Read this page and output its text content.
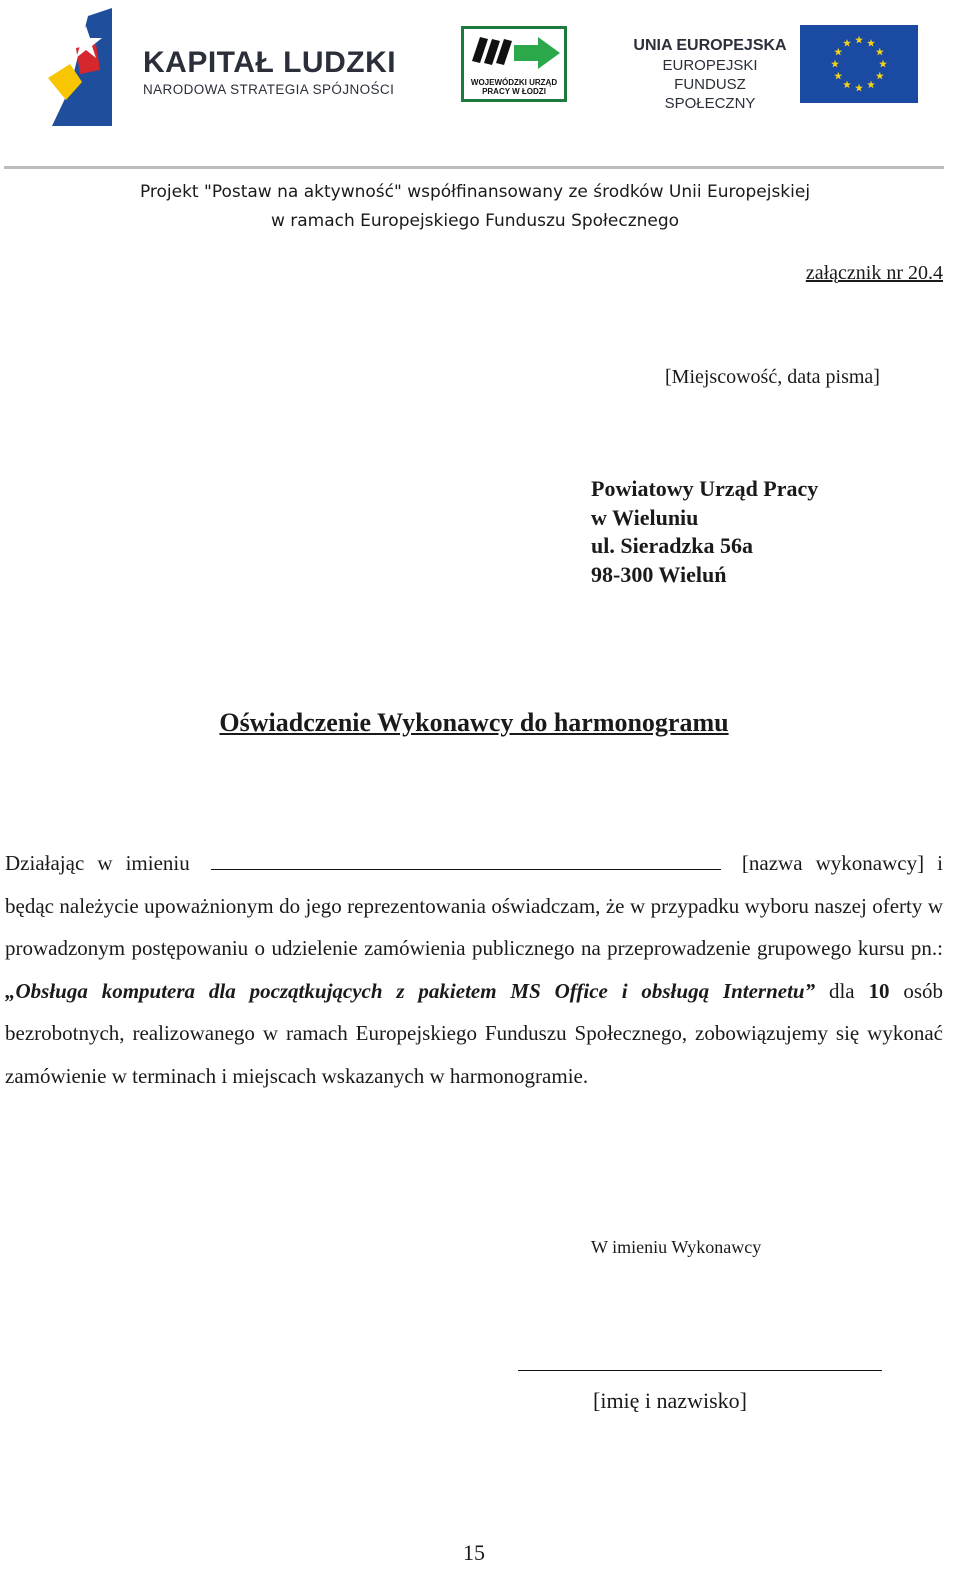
KAPITAŁ LUDZKI
NARODOWA STRATEGIA SPÓJNOŚCI	WOJEWÓDZKI URZĄD PRACY W ŁODZI
UNIA EUROPEJSKA
EUROPEJSKI
FUNDUSZ SPOŁECZNY
Projekt "Postaw na aktywność" współfinansowany ze środków Unii Europejskiej
w ramach Europejskiego Funduszu Społecznego
załącznik nr 20.4
[Miejscowość, data pisma]
Powiatowy Urząd Pracy
w Wieluniu
ul. Sieradzka 56a
98-300 Wieluń
Oświadczenie Wykonawcy do harmonogramu
Działając w imieniu	[nazwa wykonawcy] i będąc należycie upoważnionym do jego reprezentowania oświadczam, że w przypadku wyboru naszej oferty w prowadzonym postępowaniu o udzielenie zamówienia publicznego na przeprowadzenie grupowego kursu pn.: „Obsługa komputera dla początkujących z pakietem MS Office i obsługą Internetu” dla 10 osób bezrobotnych, realizowanego w ramach Europejskiego Funduszu Społecznego, zobowiązujemy się wykonać zamówienie w terminach i miejscach wskazanych w harmonogramie.
W imieniu Wykonawcy
[imię i nazwisko]
15
